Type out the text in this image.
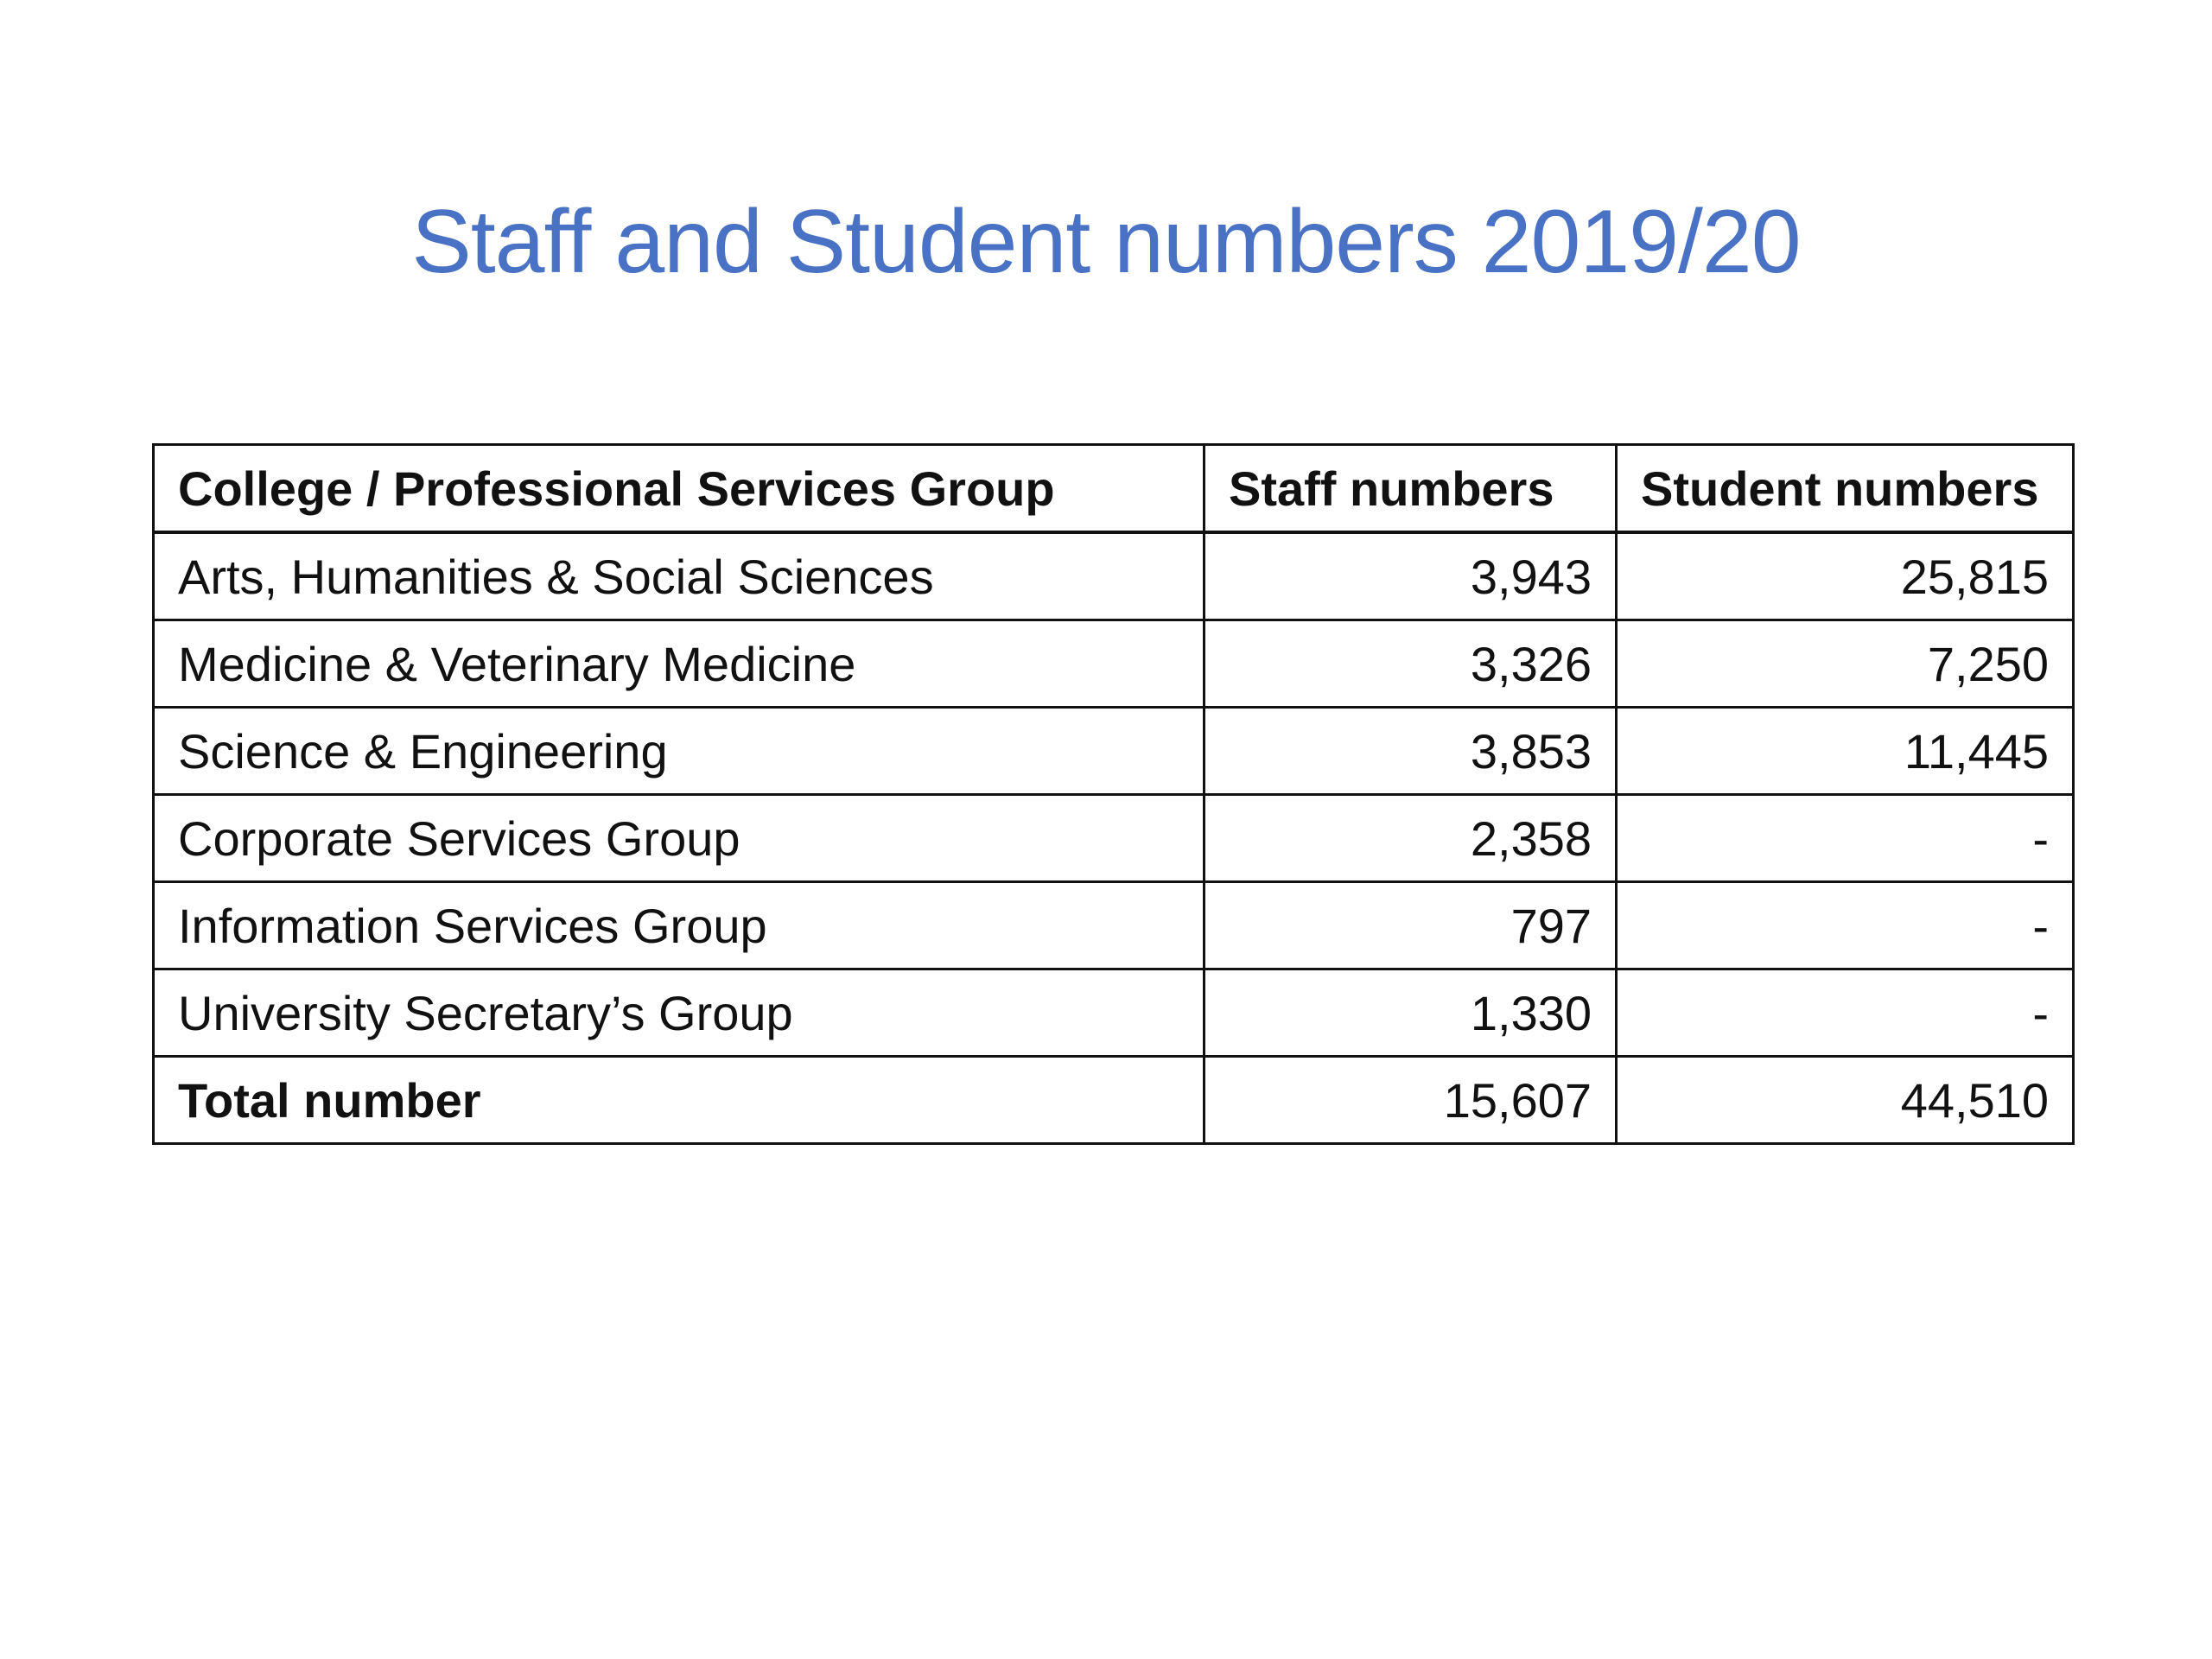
Staff and Student numbers 2019/20
College / Professional Services Group	Staff numbers	Student numbers
Arts, Humanities & Social Sciences	3,943	25,815
Medicine & Veterinary Medicine	3,326	7,250
Science & Engineering	3,853	11,445
Corporate Services Group	2,358	-
Information Services Group	797	-
University Secretary’s Group	1,330	-
Total number	15,607	44,510
